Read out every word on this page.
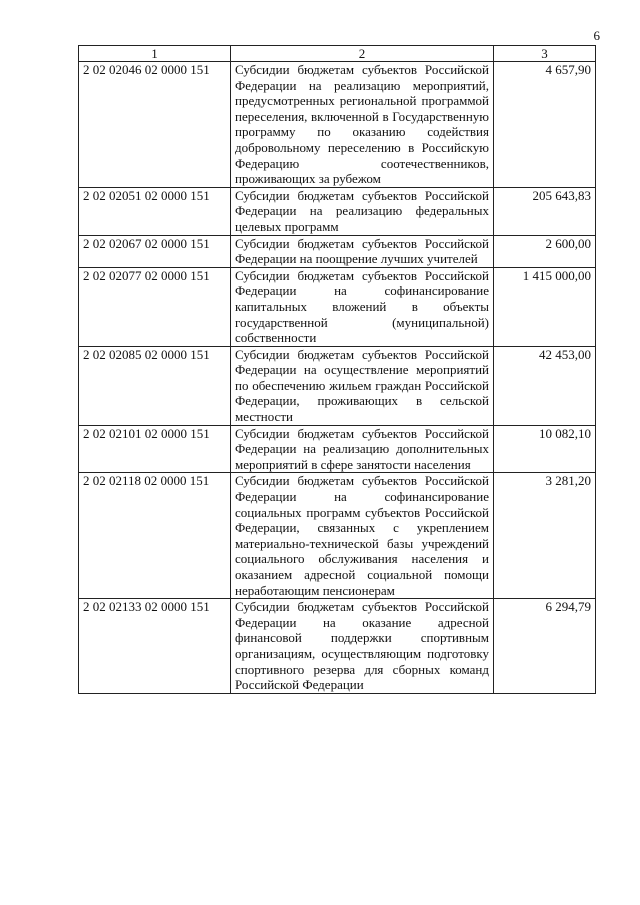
6
1	2	3
2 02 02046 02 0000 151	Субсидии бюджетам субъектов Российской Федерации на реализацию мероприятий, предусмотренных региональной программой переселения, включенной в Государственную программу по оказанию содействия добровольному переселению в Российскую Федерацию соотечественников, проживающих за рубежом	4 657,90
2 02 02051 02 0000 151	Субсидии бюджетам субъектов Российской Федерации на реализацию федеральных целевых программ	205 643,83
2 02 02067 02 0000 151	Субсидии бюджетам субъектов Российской Федерации на поощрение лучших учителей	2 600,00
2 02 02077 02 0000 151	Субсидии бюджетам субъектов Российской Федерации на софинансирование капитальных вложений в объекты государственной (муниципальной) собственности	1 415 000,00
2 02 02085 02 0000 151	Субсидии бюджетам субъектов Российской Федерации на осуществление мероприятий по обеспечению жильем граждан Российской Федерации, проживающих в сельской местности	42 453,00
2 02 02101 02 0000 151	Субсидии бюджетам субъектов Российской Федерации на реализацию дополнительных мероприятий в сфере занятости населения	10 082,10
2 02 02118 02 0000 151	Субсидии бюджетам субъектов Российской Федерации на софинансирование социальных программ субъектов Российской Федерации, связанных с укреплением материально-технической базы учреждений социального обслуживания населения и оказанием адресной социальной помощи неработающим пенсионерам	3 281,20
2 02 02133 02 0000 151	Субсидии бюджетам субъектов Российской Федерации на оказание адресной финансовой поддержки спортивным организациям, осуществляющим подготовку спортивного резерва для сборных команд Российской Федерации	6 294,79
